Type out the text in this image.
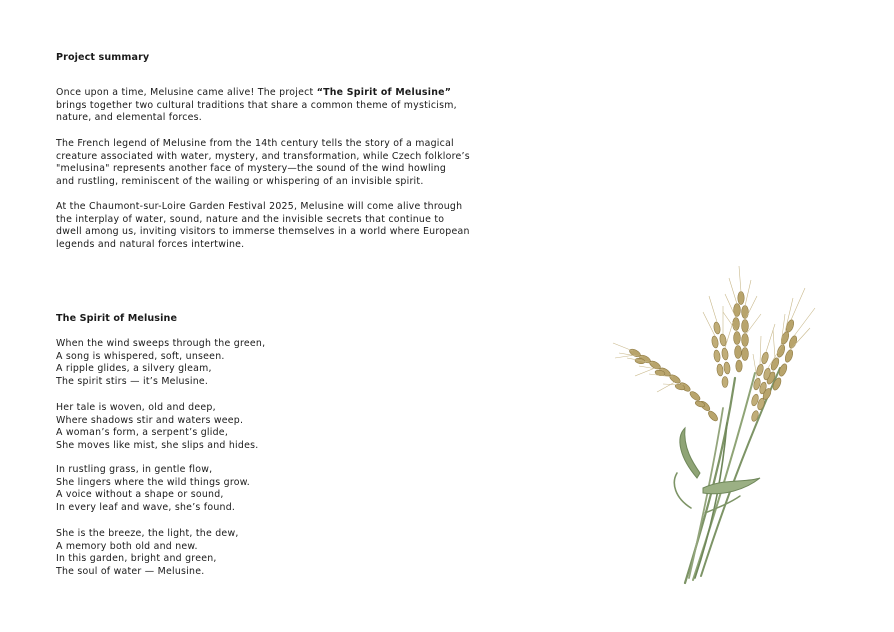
Project summary
Once upon a time, Melusine came alive! The project “The Spirit of Melusine”
brings together two cultural traditions that share a common theme of mysticism,
nature, and elemental forces.
The French legend of Melusine from the 14th century tells the story of a magical
creature associated with water, mystery, and transformation, while Czech folklore’s
"melusina" represents another face of mystery—the sound of the wind howling
and rustling, reminiscent of the wailing or whispering of an invisible spirit.
At the Chaumont-sur-Loire Garden Festival 2025, Melusine will come alive through
the interplay of water, sound, nature and the invisible secrets that continue to
dwell among us, inviting visitors to immerse themselves in a world where European
legends and natural forces intertwine.
The Spirit of Melusine
When the wind sweeps through the green,
A song is whispered, soft, unseen.
A ripple glides, a silvery gleam,
The spirit stirs — it’s Melusine.
Her tale is woven, old and deep,
Where shadows stir and waters weep.
A woman’s form, a serpent’s glide,
She moves like mist, she slips and hides.
In rustling grass, in gentle flow,
She lingers where the wild things grow.
A voice without a shape or sound,
In every leaf and wave, she’s found.
She is the breeze, the light, the dew,
A memory both old and new.
In this garden, bright and green,
The soul of water — Melusine.
